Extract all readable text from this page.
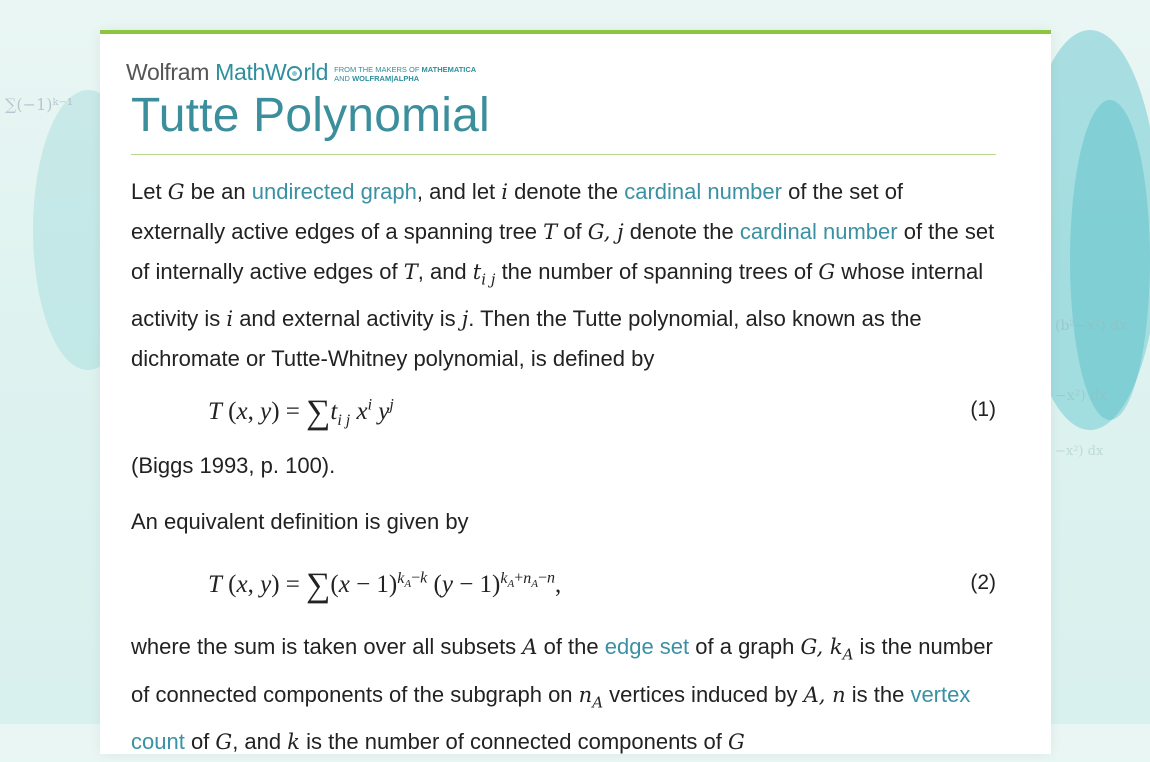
∑(−1)ᵏ⁻¹
(b²−x²) dx
−x²) dx
−x²) dx
Wolfram MathW rld FROM THE MAKERS OF MATHEMATICA
AND WOLFRAM|ALPHA
Tutte Polynomial

Let G be an undirected graph, and let i denote the cardinal number of the set of externally active edges of a spanning tree T of G, j denote the cardinal number of the set of internally active edges of T, and $t_{i j}$ the number of spanning trees of G whose internal activity is i and external activity is j. Then the Tutte polynomial, also known as the dichromate or Tutte-Whitney polynomial, is defined by

T (x, $y) = \sum t_{i j}$ $x^i$ $y^j$	(1)

(Biggs 1993, p. 100).

An equivalent definition is given by

T (x, $y) = \sum(x - 1)^{k_A-k}$ $(y - 1)^{k_A+n_A-n}$,	(2)

where the sum is taken over all subsets A of the edge set of a graph G, $k_A$ is the number of connected components of the subgraph on $n_A$ vertices induced by A, n is the vertex count of G, and k is the number of connected components of G
